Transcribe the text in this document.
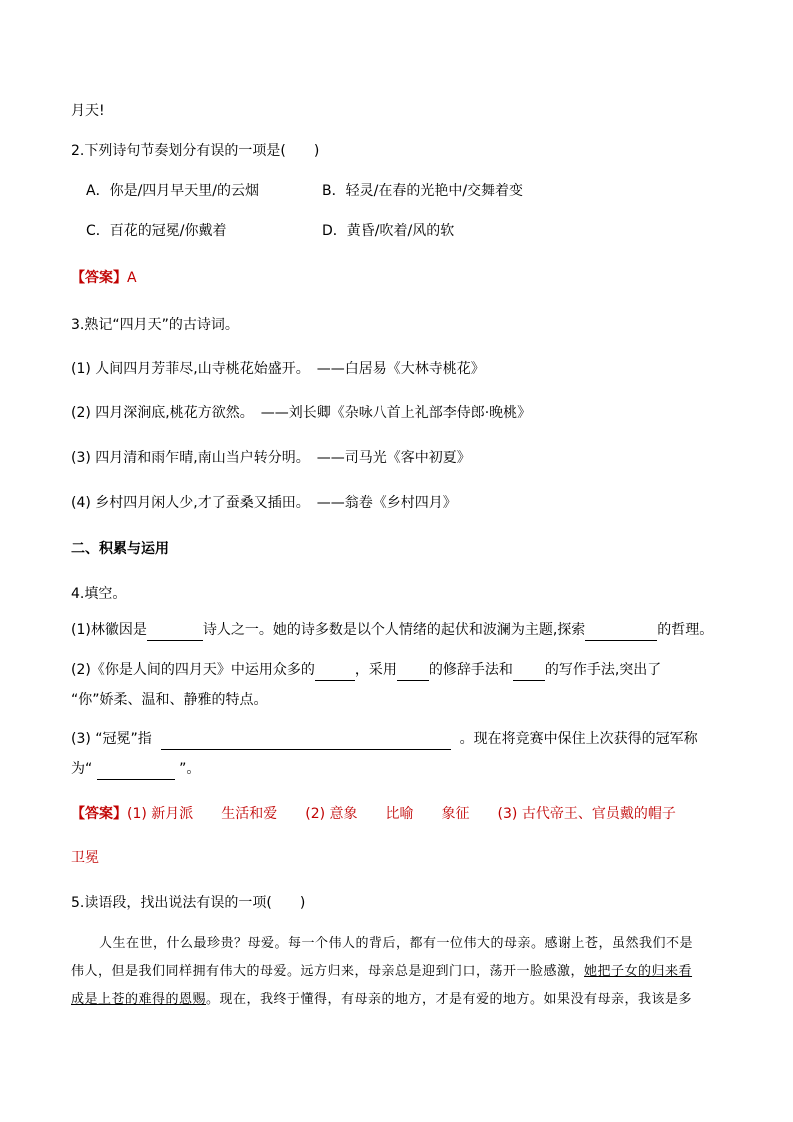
月天!
2.下列诗句节奏划分有误的一项是(　　)
A．你是/四月早天里/的云烟	B．轻灵/在春的光艳中/交舞着变
C．百花的冠冕/你戴着	D．黄昏/吹着/风的软
【答案】A
3.熟记“四月天”的古诗词。
(1) 人间四月芳菲尽,山寺桃花始盛开。　——白居易《大林寺桃花》
(2) 四月深涧底,桃花方欲然。　——刘长卿《杂咏八首上礼部李侍郎·晚桃》
(3) 四月清和雨乍晴,南山当户转分明。　——司马光《客中初夏》
(4) 乡村四月闲人少,才了蚕桑又插田。　——翁卷《乡村四月》
二、积累与运用
4.填空。
(1)林徽因是	诗人之一。她的诗多数是以个人情绪的起伏和波澜为主题,探索	的哲理。
(2)《你是人间的四月天》中运用众多的	，采用 的修辞手法和 的写作手法,突出了
“你”娇柔、温和、静雅的特点。
(3) “冠冕”指	。现在将竞赛中保住上次获得的冠军称
为“	”。
【答案】(1) 新月派　　生活和爱　　(2) 意象　　比喻　　象征　　(3) 古代帝王、官员戴的帽子
卫冕
5.读语段，找出说法有误的一项(　　)
人生在世，什么最珍贵？母爱。每一个伟人的背后，都有一位伟大的母亲。感谢上苍，虽然我们不是
伟人，但是我们同样拥有伟大的母爱。远方归来，母亲总是迎到门口，荡开一脸感激，她把子女的归来看
成是上苍的难得的恩赐。现在，我终于懂得，有母亲的地方，才是有爱的地方。如果没有母亲，我该是多
